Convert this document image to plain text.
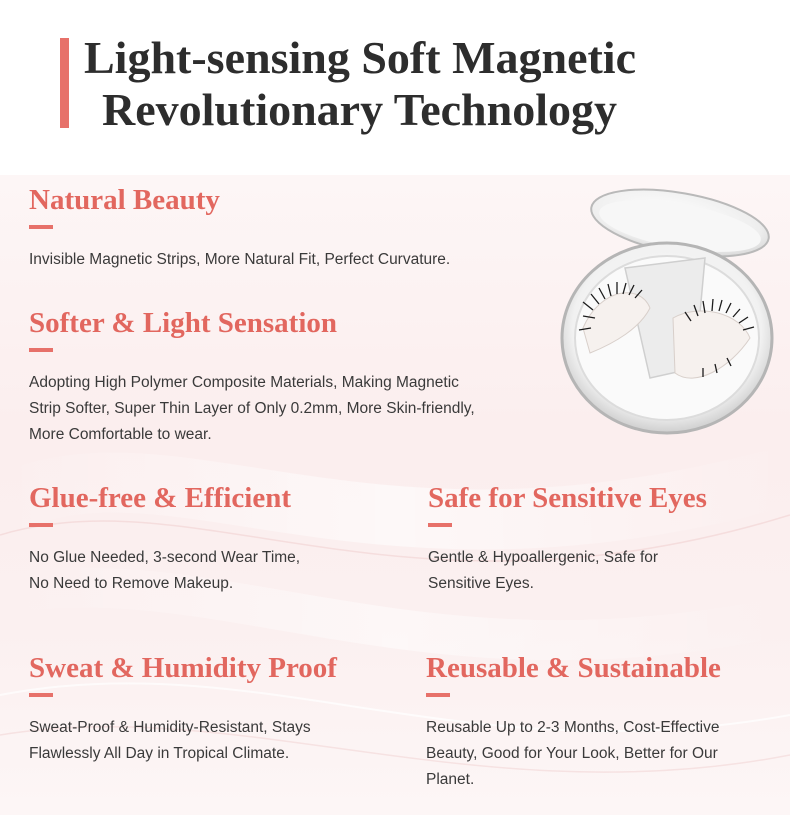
Light-sensing Soft Magnetic
Revolutionary Technology
Natural Beauty
Invisible Magnetic Strips, More Natural Fit, Perfect Curvature.
Softer & Light Sensation
Adopting High Polymer Composite Materials, Making Magnetic
Strip Softer, Super Thin Layer of Only 0.2mm, More Skin-friendly,
More Comfortable to wear.
Glue-free & Efficient
No Glue Needed, 3-second Wear Time,
No Need to Remove Makeup.
Safe for Sensitive Eyes
Gentle & Hypoallergenic, Safe for
Sensitive Eyes.
Sweat & Humidity Proof
Sweat-Proof & Humidity-Resistant, Stays
Flawlessly All Day in Tropical Climate.
Reusable & Sustainable
Reusable Up to 2-3 Months, Cost-Effective
Beauty, Good for Your Look, Better for Our
Planet.
